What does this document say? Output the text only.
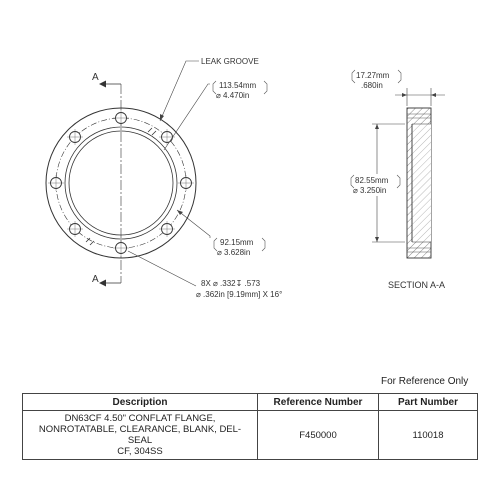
A
A
LEAK GROOVE
113.54mm
⌀ 4.470in
92.15mm
⌀ 3.628in
8X ⌀ .332↧ .573
⌀ .362in [9.19mm] X 16°
17.27mm
.680in
82.55mm
⌀ 3.250in
SECTION A-A
For Reference Only
Description	Reference Number	Part Number

DN63CF 4.50" CONFLAT FLANGE,
NONROTATABLE, CLEARANCE, BLANK, DEL-SEAL
CF, 304SS	F450000	110018
